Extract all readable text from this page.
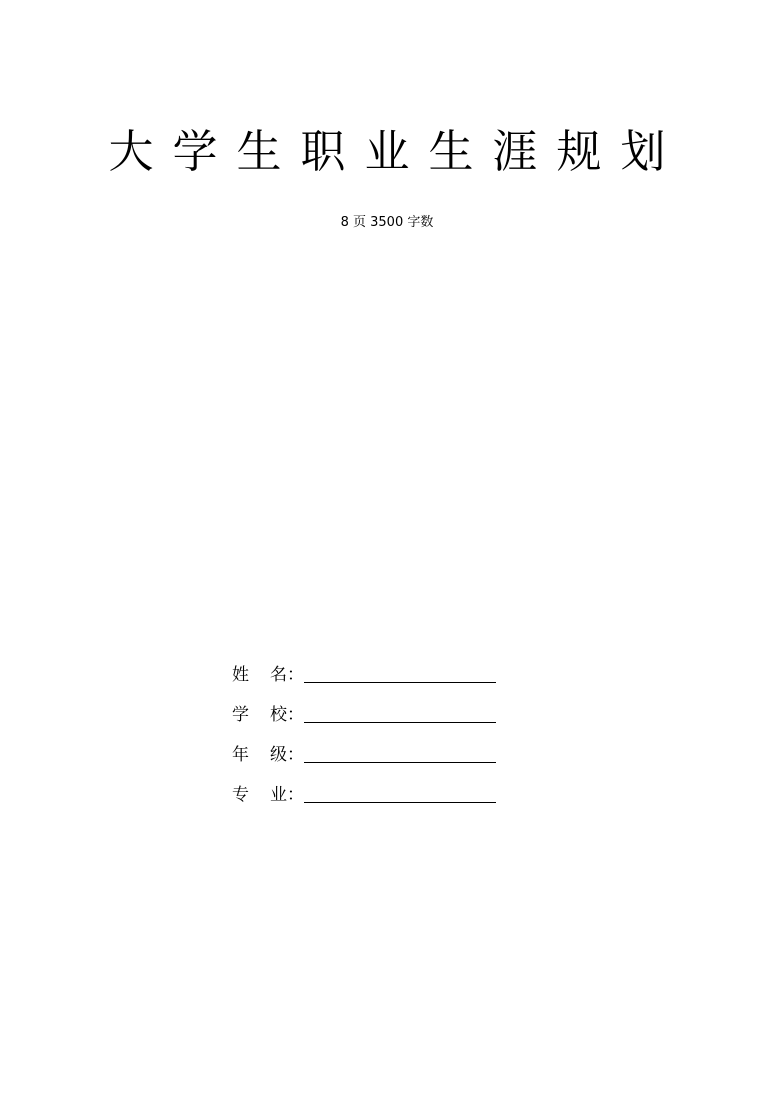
大学生职业生涯规划
8 页 3500 字数
姓 名：
学 校：
年 级：
专 业：
